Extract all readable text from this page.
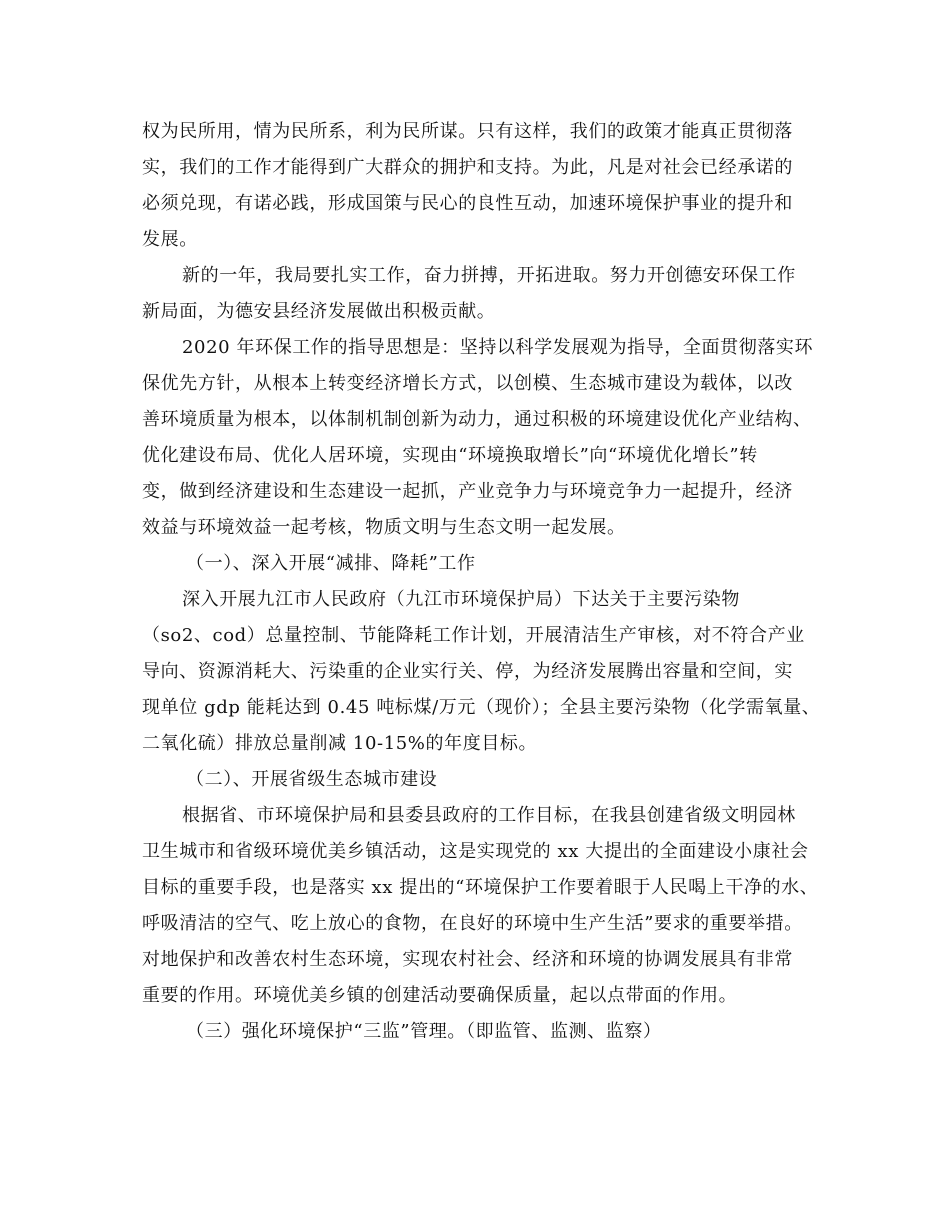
权为民所用，情为民所系，利为民所谋。只有这样，我们的政策才能真正贯彻落

实，我们的工作才能得到广大群众的拥护和支持。为此，凡是对社会已经承诺的

必须兑现，有诺必践，形成国策与民心的良性互动，加速环境保护事业的提升和

发展。

新的一年，我局要扎实工作，奋力拼搏，开拓进取。努力开创德安环保工作

新局面，为德安县经济发展做出积极贡献。

2020 年环保工作的指导思想是：坚持以科学发展观为指导，全面贯彻落实环

保优先方针，从根本上转变经济增长方式，以创模、生态城市建设为载体，以改

善环境质量为根本，以体制机制创新为动力，通过积极的环境建设优化产业结构、

优化建设布局、优化人居环境，实现由“环境换取增长”向“环境优化增长”转

变，做到经济建设和生态建设一起抓，产业竞争力与环境竞争力一起提升，经济

效益与环境效益一起考核，物质文明与生态文明一起发展。

（一）、深入开展“减排、降耗”工作

深入开展九江市人民政府（九江市环境保护局）下达关于主要污染物

（so2、cod）总量控制、节能降耗工作计划，开展清洁生产审核，对不符合产业

导向、资源消耗大、污染重的企业实行关、停，为经济发展腾出容量和空间，实

现单位 gdp 能耗达到 0.45 吨标煤/万元（现价）；全县主要污染物（化学需氧量、

二氧化硫）排放总量削减 10-15%的年度目标。

（二）、开展省级生态城市建设

根据省、市环境保护局和县委县政府的工作目标，在我县创建省级文明园林

卫生城市和省级环境优美乡镇活动，这是实现党的 xx 大提出的全面建设小康社会

目标的重要手段，也是落实 xx 提出的“环境保护工作要着眼于人民喝上干净的水、

呼吸清洁的空气、吃上放心的食物，在良好的环境中生产生活”要求的重要举措。

对地保护和改善农村生态环境，实现农村社会、经济和环境的协调发展具有非常

重要的作用。环境优美乡镇的创建活动要确保质量，起以点带面的作用。

（三）强化环境保护“三监”管理。（即监管、监测、监察）
